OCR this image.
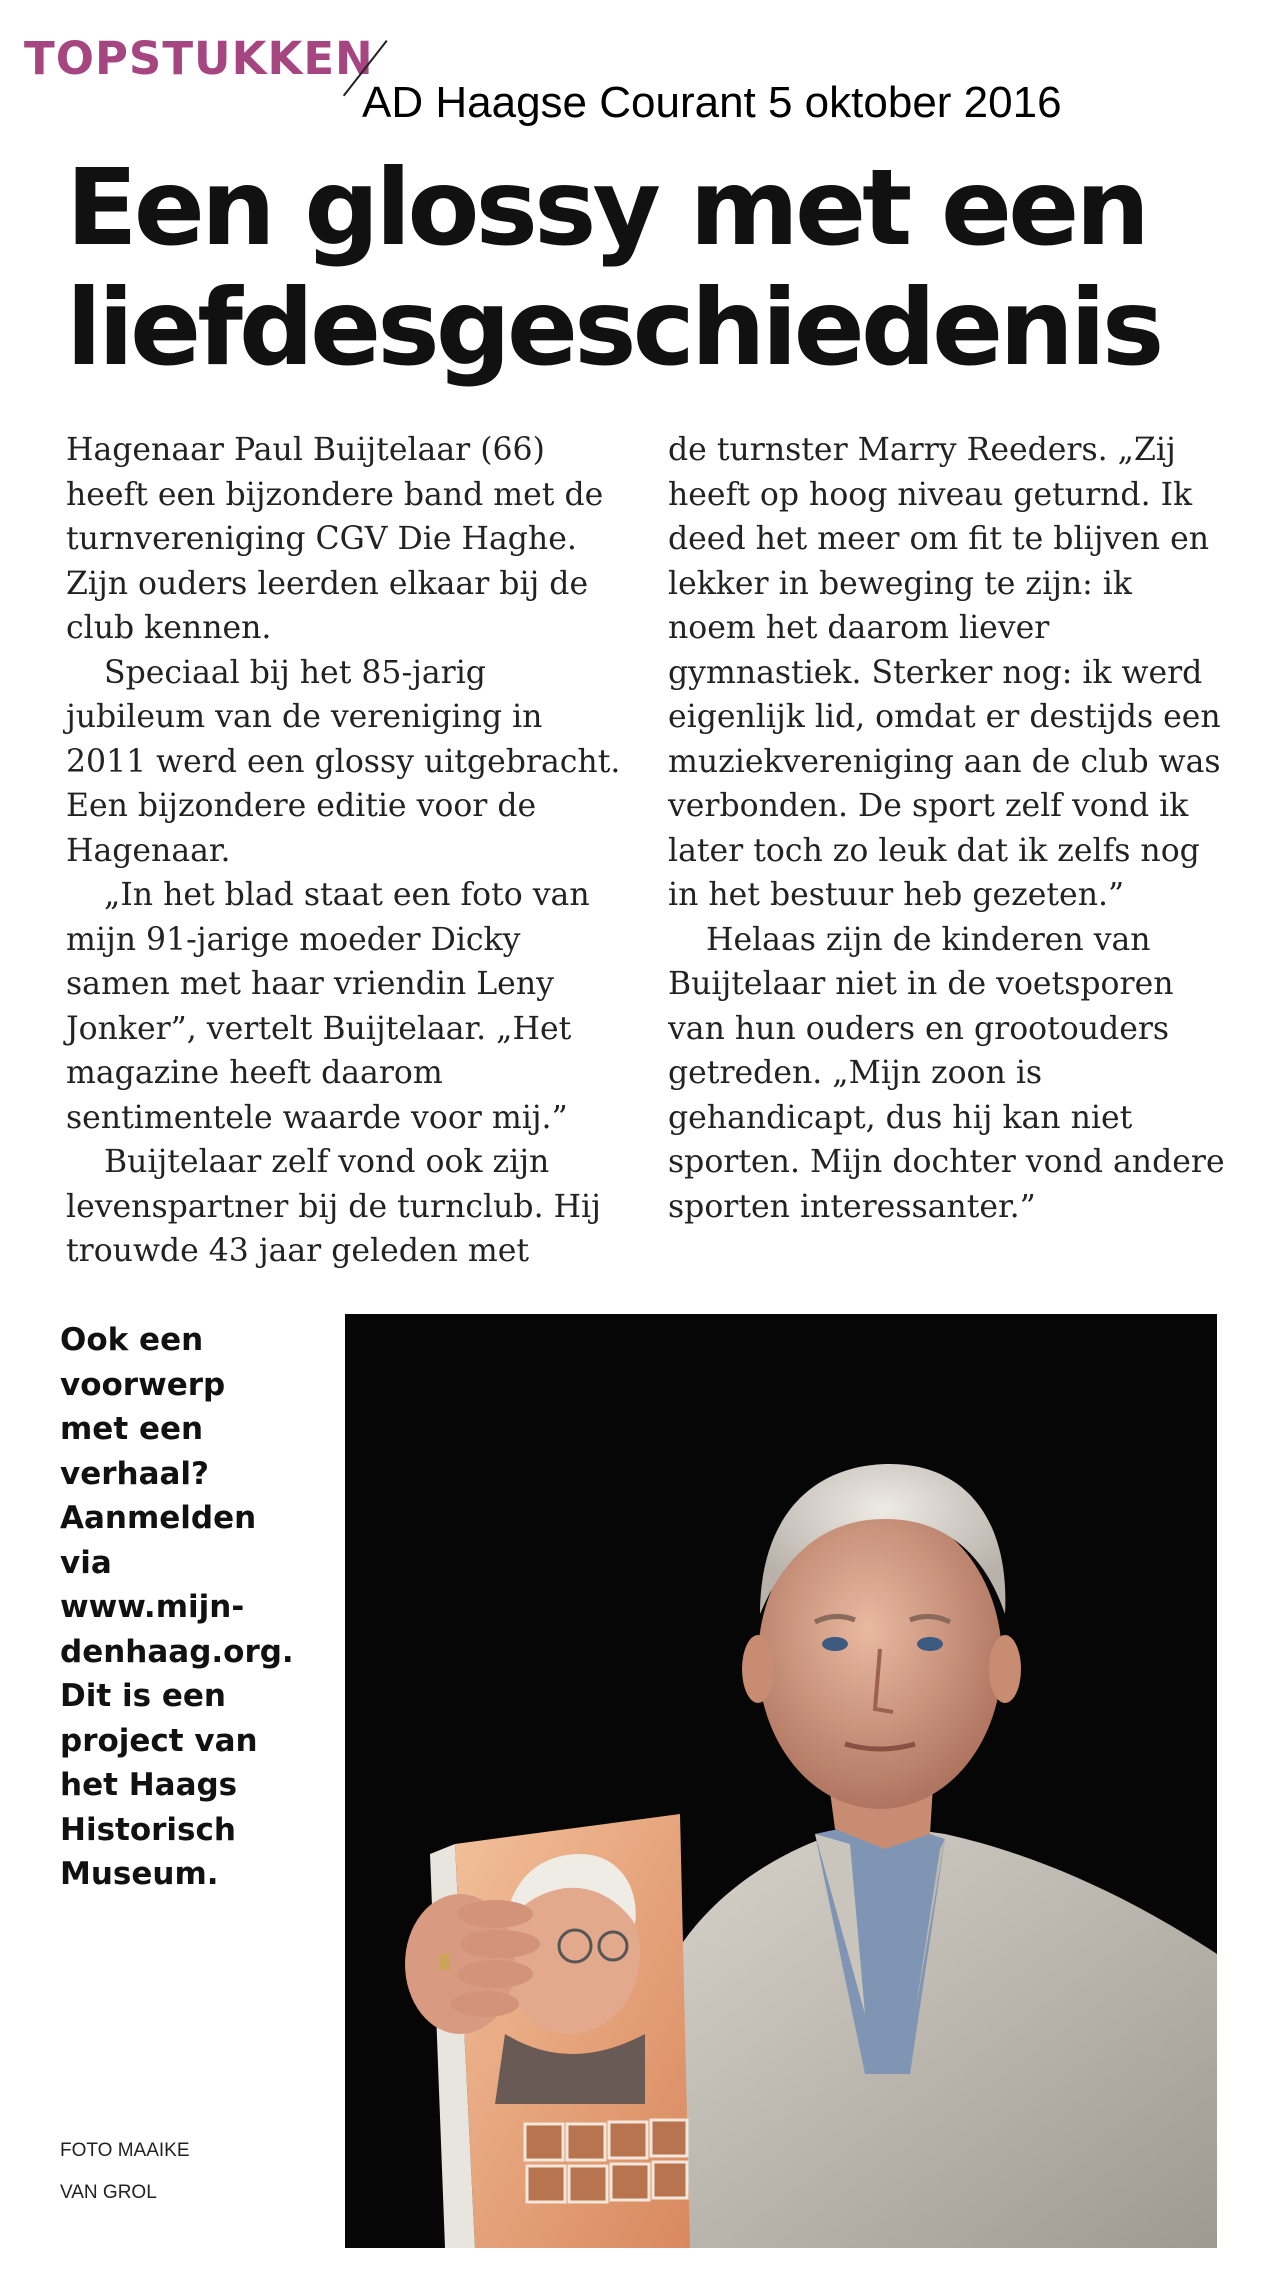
TOPSTUKKEN
AD Haagse Courant 5 oktober 2016
Een glossy met een
liefdesgeschiedenis

Hagenaar Paul Buijtelaar (66) heeft een bijzondere band met de turnvereniging CGV Die Haghe. Zijn ouders leerden elkaar bij de club kennen.

Speciaal bij het 85-jarig jubileum van de vereniging in 2011 werd een glossy uitgebracht. Een bijzondere editie voor de Hagenaar.

„In het blad staat een foto van mijn 91-jarige moeder Dicky samen met haar vriendin Leny Jonker”, vertelt Buijtelaar. „Het magazine heeft daarom sentimentele waarde voor mij.”

Buijtelaar zelf vond ook zijn levenspartner bij de turnclub. Hij trouwde 43 jaar geleden met

de turnster Marry Reeders. „Zij heeft op hoog niveau geturnd. Ik deed het meer om fit te blijven en lekker in beweging te zijn: ik noem het daarom liever gymnastiek. Sterker nog: ik werd eigenlijk lid, omdat er destijds een muziekvereniging aan de club was verbonden. De sport zelf vond ik later toch zo leuk dat ik zelfs nog in het bestuur heb gezeten.”

Helaas zijn de kinderen van Buijtelaar niet in de voetsporen van hun ouders en grootouders getreden. „Mijn zoon is gehandicapt, dus hij kan niet sporten. Mijn dochter vond andere sporten interessanter.”

Ook een
voorwerp
met een
verhaal?
Aanmelden
via
www.mijn-
denhaag.org.
Dit is een
project van
het Haags
Historisch
Museum.
FOTO MAAIKE
VAN GROL
